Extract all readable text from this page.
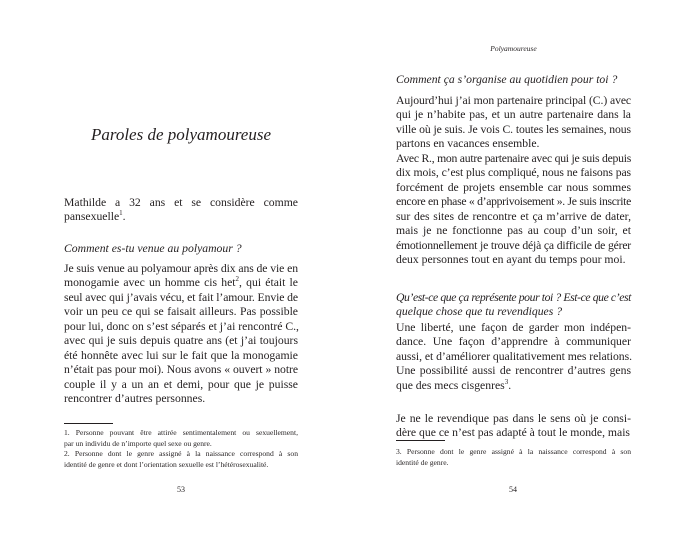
Paroles de polyamoureuse
53
Mathilde a 32 ans et se considère comme
pansexuelle$^1$.
Comment es-tu venue au polyamour ?
Je suis venue au polyamour après dix ans de vie en
monogamie avec un homme cis het$^2$, qui était le
seul avec qui j’avais vécu, et fait l’amour. Envie de
voir un peu ce qui se faisait ailleurs. Pas possible
pour lui, donc on s’est séparés et j’ai rencontré C.,
avec qui je suis depuis quatre ans (et j’ai toujours
été honnête avec lui sur le fait que la monogamie
n’était pas pour moi). Nous avons « ouvert » notre
couple il y a un an et demi, pour que je puisse
rencontrer d’autres personnes.
1. Personne pouvant être attirée sentimentalement ou sexuellement,
par un individu de n’importe quel sexe ou genre.
2. Personne dont le genre assigné à la naissance correspond à son
identité de genre et dont l’orientation sexuelle est l’hétérosexualité.
Polyamoureuse
54
Comment ça s’organise au quotidien pour toi ?
Aujourd’hui j’ai mon partenaire principal (C.) avec
qui je n’habite pas, et un autre partenaire dans la
ville où je suis. Je vois C. toutes les semaines, nous
partons en vacances ensemble.
Avec R., mon autre partenaire avec qui je suis depuis
dix mois, c’est plus compliqué, nous ne faisons pas
forcément de projets ensemble car nous sommes
encore en phase « d’apprivoisement ». Je suis inscrite
sur des sites de rencontre et ça m’arrive de dater,
mais je ne fonctionne pas au coup d’un soir, et
émotionnellement je trouve déjà ça difficile de gérer
deux personnes tout en ayant du temps pour moi.
Qu’est-ce que ça représente pour toi ? Est-ce que c’est
quelque chose que tu revendiques ?
Une liberté, une façon de garder mon indépen-
dance. Une façon d’apprendre à communiquer
aussi, et d’améliorer qualitativement mes relations.
Une possibilité aussi de rencontrer d’autres gens
que des mecs cisgenres$^3$.
Je ne le revendique pas dans le sens où je consi-
dère que ce n’est pas adapté à tout le monde, mais
3. Personne dont le genre assigné à la naissance correspond à son
identité de genre.
